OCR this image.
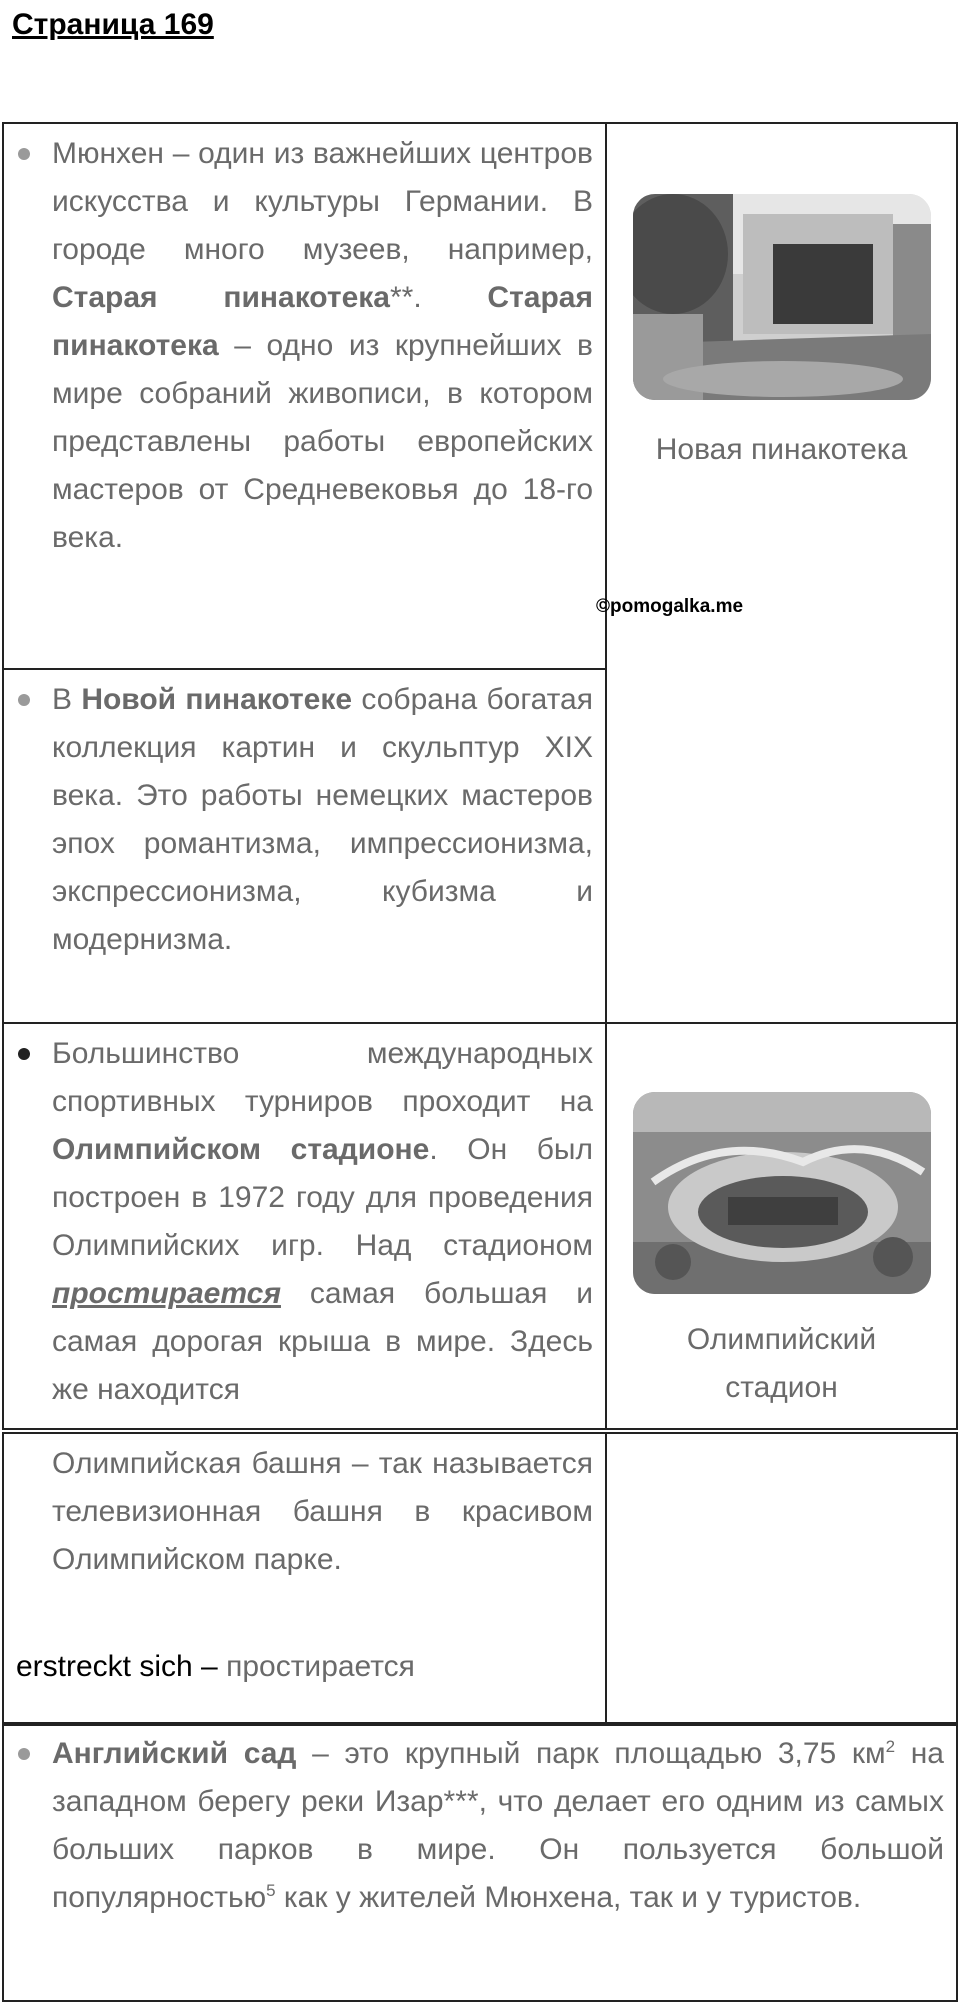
Страница 169
Мюнхен – один из важнейших центров искусства и культуры Германии. В городе много музеев, например, Старая пинакотека**. Старая пинакотека – одно из крупнейших в мире собраний живописи, в котором представлены работы европейских мастеров от Средневековья до 18-го века.	Новая пинакотека

В Новой пинакотеке собрана богатая коллекция картин и скульптур XIX века. Это работы немецких мастеров эпох романтизма, импрессионизма, экспрессионизма, кубизма и модернизма.	

Большинство международных спортивных турниров проходит на Олимпийском стадионе. Он был построен в 1972 году для проведения Олимпийских игр. Над стадионом простирается самая большая и самая дорогая крыша в мире. Здесь же находится	Олимпийский
стадион
Олимпийская башня – так называется телевизионная башня в красивом Олимпийском парке.
erstreckt sich – простирается

Английский сад – это крупный парк площадью 3,75 $км^2$ на западном берегу реки Изар***, что делает его одним из самых больших парков в мире. Он пользуется большой популярностью$^5$ как у жителей Мюнхена, так и у туристов.
©pomogalka.me
